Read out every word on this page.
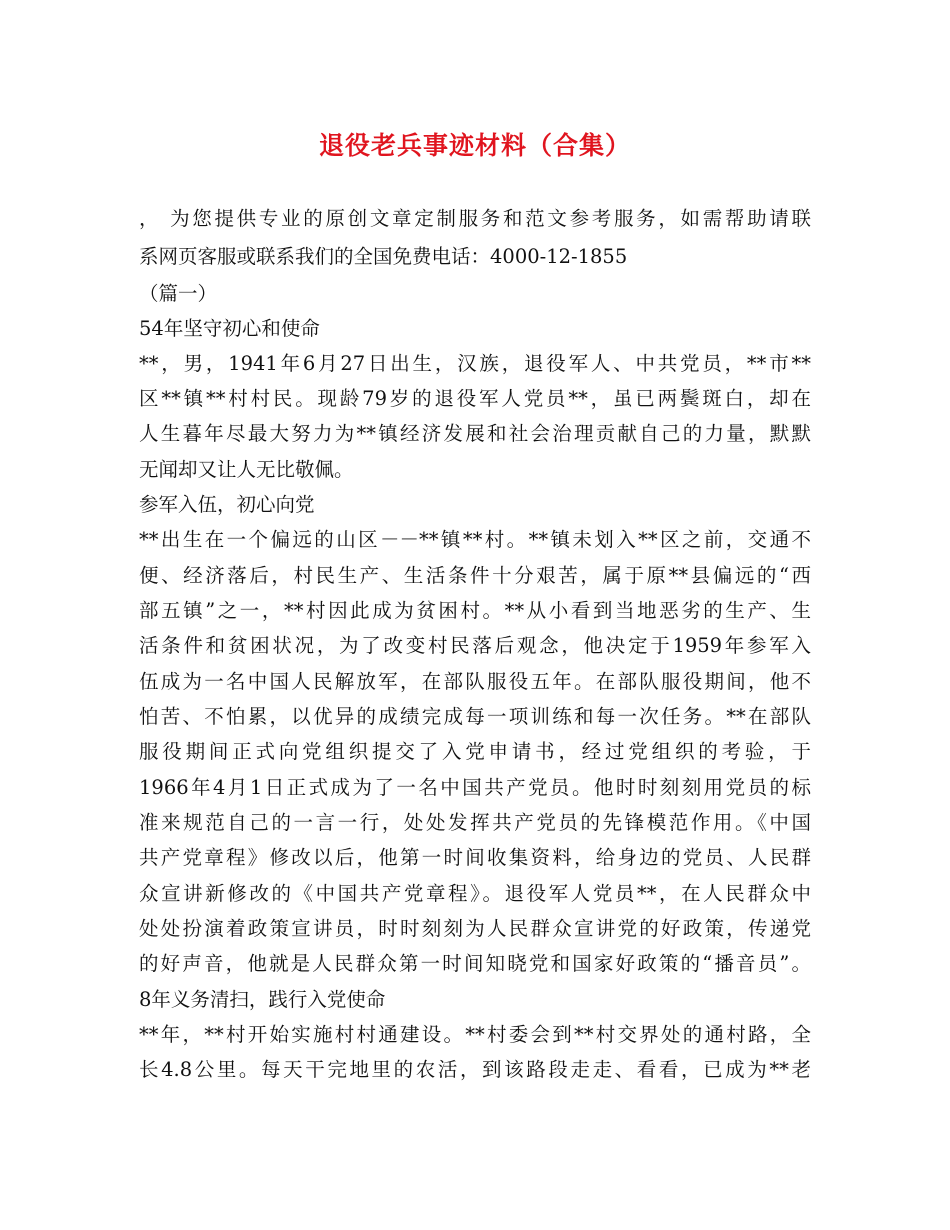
退役老兵事迹材料（合集）
， 为您提供专业的原创文章定制服务和范文参考服务，如需帮助请联
系网页客服或联系我们的全国免费电话：4000-12-1855
（篇一）
54年坚守初心和使命
**，男，1941年6月27日出生，汉族，退役军人、中共党员，**市**
区**镇**村村民。现龄79岁的退役军人党员**，虽已两鬓斑白，却在
人生暮年尽最大努力为**镇经济发展和社会治理贡献自己的力量，默默
无闻却又让人无比敬佩。
参军入伍，初心向党
**出生在一个偏远的山区－－**镇**村。**镇未划入**区之前，交通不
便、经济落后，村民生产、生活条件十分艰苦，属于原**县偏远的“西
部五镇”之一，**村因此成为贫困村。**从小看到当地恶劣的生产、生
活条件和贫困状况，为了改变村民落后观念，他决定于1959年参军入
伍成为一名中国人民解放军，在部队服役五年。在部队服役期间，他不
怕苦、不怕累，以优异的成绩完成每一项训练和每一次任务。**在部队
服役期间正式向党组织提交了入党申请书，经过党组织的考验，于
1966年4月1日正式成为了一名中国共产党员。他时时刻刻用党员的标
准来规范自己的一言一行，处处发挥共产党员的先锋模范作用。《中国
共产党章程》修改以后，他第一时间收集资料，给身边的党员、人民群
众宣讲新修改的《中国共产党章程》。退役军人党员**，在人民群众中
处处扮演着政策宣讲员，时时刻刻为人民群众宣讲党的好政策，传递党
的好声音，他就是人民群众第一时间知晓党和国家好政策的“播音员”。
8年义务清扫，践行入党使命
**年，**村开始实施村村通建设。**村委会到**村交界处的通村路，全
长4.8公里。每天干完地里的农活，到该路段走走、看看，已成为**老
